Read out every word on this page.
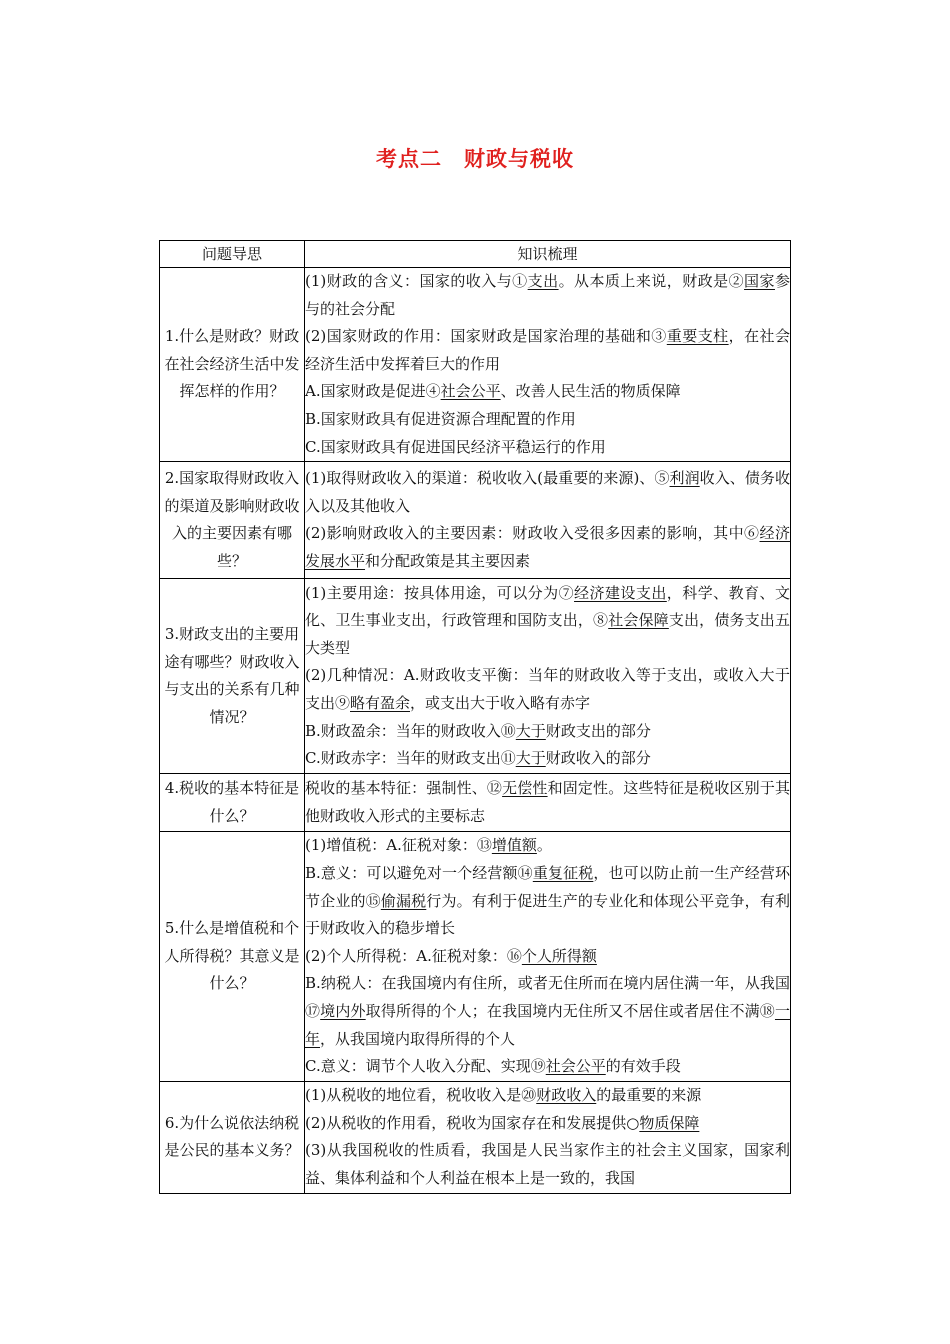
考点二　财政与税收
问题导思	知识梳理
1.什么是财政？财政在社会经济生活中发挥怎样的作用？	(1)财政的含义：国家的收入与①支出。从本质上来说，财政是②国家参与的社会分配
(2)国家财政的作用：国家财政是国家治理的基础和③重要支柱，在社会经济生活中发挥着巨大的作用
A.国家财政是促进④社会公平、改善人民生活的物质保障
B.国家财政具有促进资源合理配置的作用
C.国家财政具有促进国民经济平稳运行的作用

2.国家取得财政收入的渠道及影响财政收入的主要因素有哪些？	(1)取得财政收入的渠道：税收收入(最重要的来源)、⑤利润收入、债务收入以及其他收入
(2)影响财政收入的主要因素：财政收入受很多因素的影响，其中⑥经济发展水平和分配政策是其主要因素

3.财政支出的主要用途有哪些？财政收入与支出的关系有几种情况？	(1)主要用途：按具体用途，可以分为⑦经济建设支出，科学、教育、文化、卫生事业支出，行政管理和国防支出，⑧社会保障支出，债务支出五大类型
(2)几种情况：A.财政收支平衡：当年的财政收入等于支出，或收入大于支出⑨略有盈余，或支出大于收入略有赤字
B.财政盈余：当年的财政收入⑩大于财政支出的部分
C.财政赤字：当年的财政支出⑪大于财政收入的部分

4.税收的基本特征是什么？	税收的基本特征：强制性、⑫无偿性和固定性。这些特征是税收区别于其他财政收入形式的主要标志

5.什么是增值税和个人所得税？其意义是什么？	(1)增值税：A.征税对象：⑬增值额。
B.意义：可以避免对一个经营额⑭重复征税，也可以防止前一生产经营环节企业的⑮偷漏税行为。有利于促进生产的专业化和体现公平竞争，有利于财政收入的稳步增长
(2)个人所得税：A.征税对象：⑯个人所得额
B.纳税人：在我国境内有住所，或者无住所而在境内居住满一年，从我国⑰境内外取得所得的个人；在我国境内无住所又不居住或者居住不满⑱一年，从我国境内取得所得的个人
C.意义：调节个人收入分配、实现⑲社会公平的有效手段

6.为什么说依法纳税是公民的基本义务？	(1)从税收的地位看，税收收入是⑳财政收入的最重要的来源
(2)从税收的作用看，税收为国家存在和发展提供○物质保障
(3)从我国税收的性质看，我国是人民当家作主的社会主义国家，国家利益、集体利益和个人利益在根本上是一致的，我国
